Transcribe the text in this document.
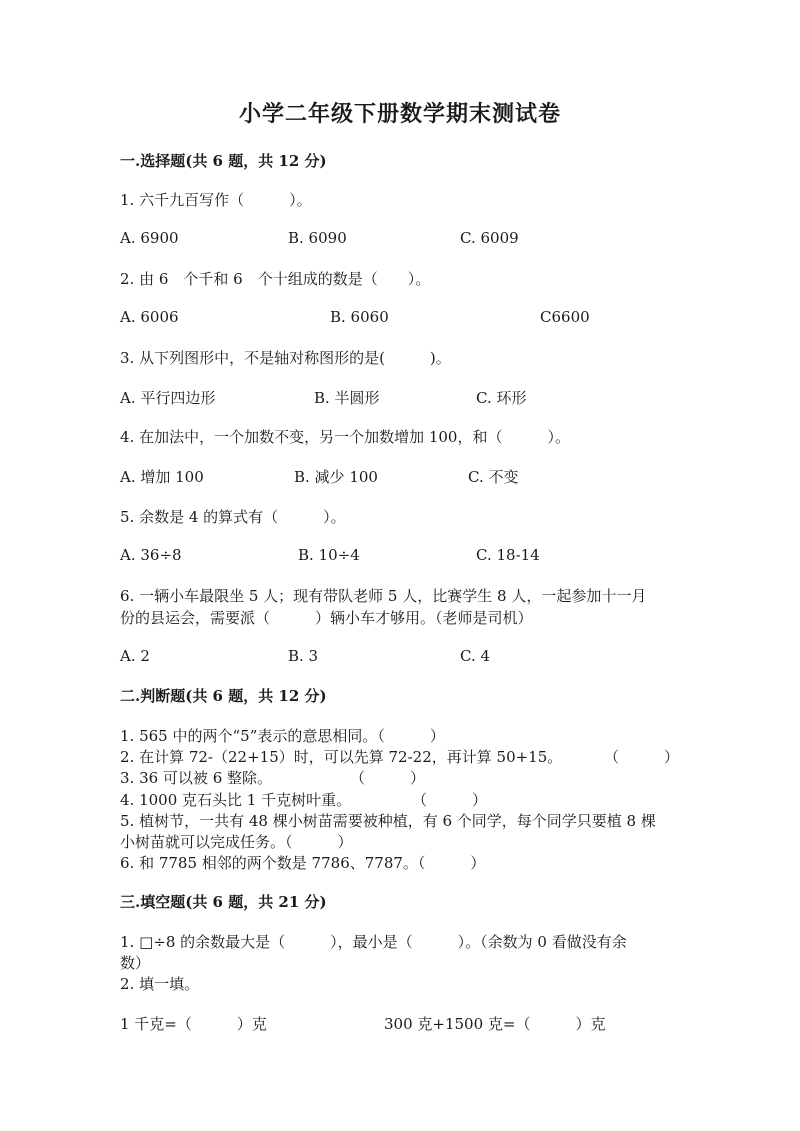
小学二年级下册数学期末测试卷
一.选择题(共 6 题，共 12 分)
1. 六千九百写作（　　　）。
A. 6900	B. 6090	C. 6009
2. 由 6　个千和 6　个十组成的数是（　　）。
A. 6006	B. 6060	C6600
3. 从下列图形中，不是轴对称图形的是(　　　)。
A. 平行四边形	B. 半圆形	C. 环形
4. 在加法中，一个加数不变，另一个加数增加 100，和（　　　）。
A. 增加 100	B. 减少 100	C. 不变
5. 余数是 4 的算式有（　　　）。
A. 36÷8	B. 10÷4	C. 18-14
6. 一辆小车最限坐 5 人；现有带队老师 5 人，比赛学生 8 人，一起参加十一月
份的县运会，需要派（　　　）辆小车才够用。（老师是司机）
A. 2	B. 3	C. 4
二.判断题(共 6 题，共 12 分)
1. 565 中的两个“5”表示的意思相同。（　　　）
2. 在计算 72-（22+15）时，可以先算 72-22，再计算 50+15。	（　　　）
3. 36 可以被 6 整除。	（　　　）
4. 1000 克石头比 1 千克树叶重。	（　　　）
5. 植树节，一共有 48 棵小树苗需要被种植，有 6 个同学，每个同学只要植 8 棵
小树苗就可以完成任务。（　　　）
6. 和 7785 相邻的两个数是 7786、7787。（　　　）
三.填空题(共 6 题，共 21 分)
1. □÷8 的余数最大是（　　　），最小是（　　　）。（余数为 0 看做没有余
数）
2. 填一填。
1 千克=（　　　）克	300 克+1500 克=（　　　）克
